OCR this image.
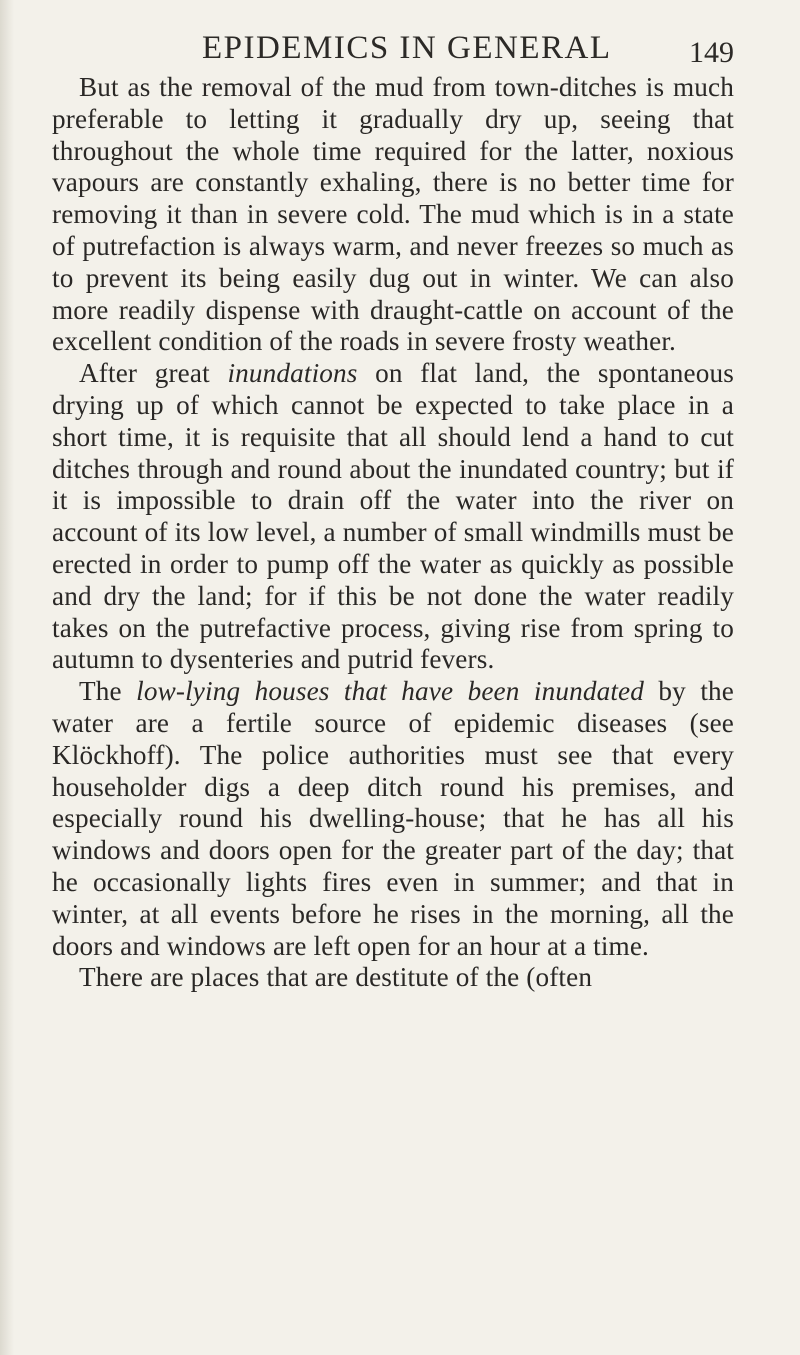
EPIDEMICS IN GENERAL	149

But as the removal of the mud from town-ditches is much preferable to letting it gradually dry up, seeing that throughout the whole time required for the latter, noxious vapours are constantly exhaling, there is no better time for removing it than in severe cold. The mud which is in a state of putrefaction is always warm, and never freezes so much as to prevent its being easily dug out in winter. We can also more readily dispense with draught-cattle on account of the excellent condition of the roads in severe frosty weather.

After great inundations on flat land, the spontaneous drying up of which cannot be expected to take place in a short time, it is requisite that all should lend a hand to cut ditches through and round about the inundated country; but if it is impossible to drain off the water into the river on account of its low level, a number of small windmills must be erected in order to pump off the water as quickly as possible and dry the land; for if this be not done the water readily takes on the putrefactive process, giving rise from spring to autumn to dysenteries and putrid fevers.

The low-lying houses that have been inundated by the water are a fertile source of epidemic diseases (see Klöckhoff). The police authorities must see that every householder digs a deep ditch round his premises, and especially round his dwelling-house; that he has all his windows and doors open for the greater part of the day; that he occasionally lights fires even in summer; and that in winter, at all events before he rises in the morning, all the doors and windows are left open for an hour at a time.

There are places that are destitute of the (often
